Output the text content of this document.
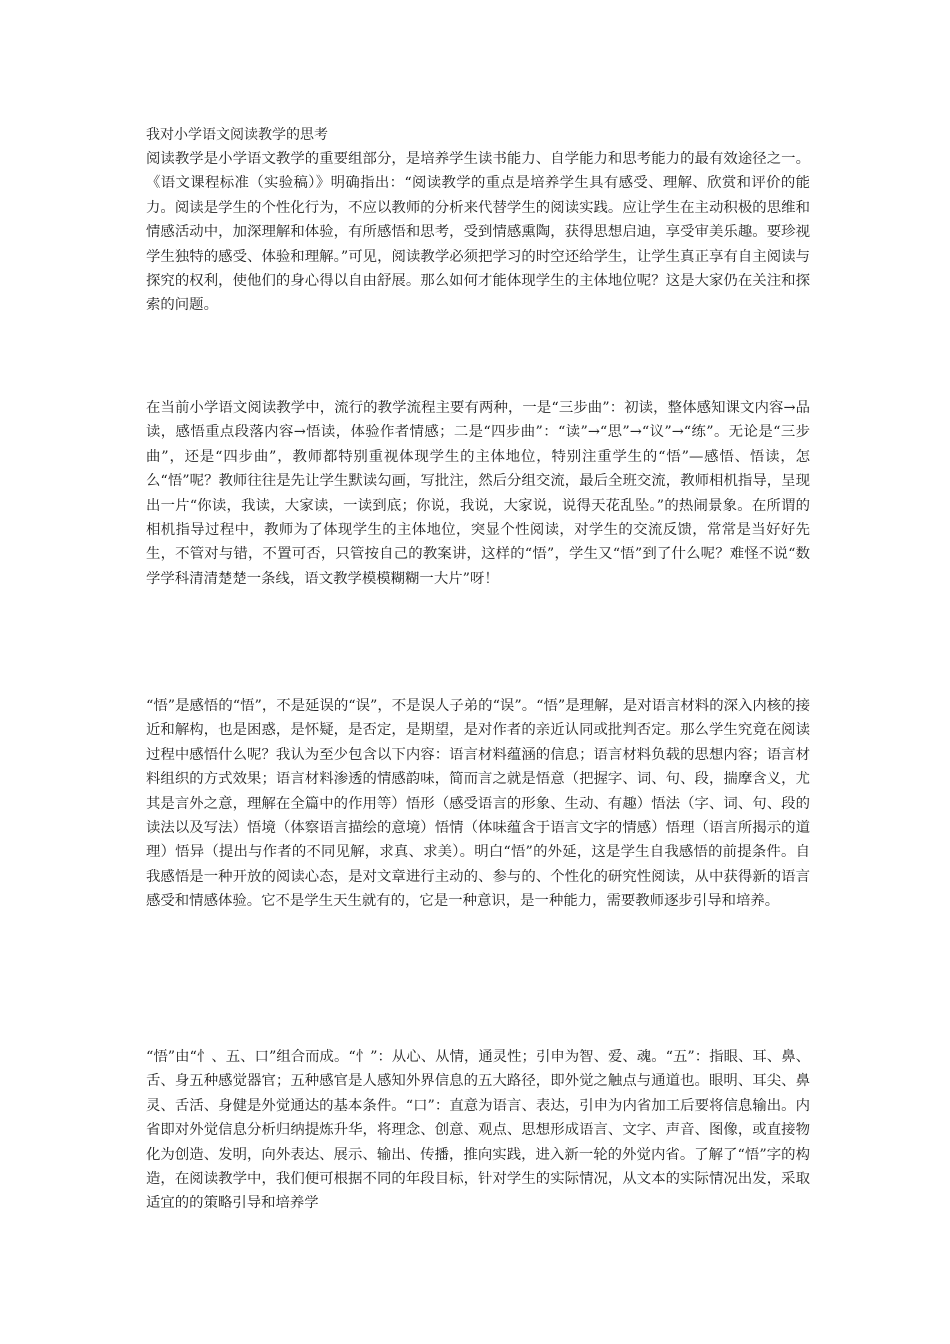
我对小学语文阅读教学的思考

阅读教学是小学语文教学的重要组部分，是培养学生读书能力、自学能力和思考能力的最有效途径之一。《语文课程标准（实验稿）》明确指出：“阅读教学的重点是培养学生具有感受、理解、欣赏和评价的能力。阅读是学生的个性化行为，不应以教师的分析来代替学生的阅读实践。应让学生在主动积极的思维和情感活动中，加深理解和体验，有所感悟和思考，受到情感熏陶，获得思想启迪，享受审美乐趣。要珍视学生独特的感受、体验和理解。”可见，阅读教学必须把学习的时空还给学生，让学生真正享有自主阅读与探究的权利，使他们的身心得以自由舒展。那么如何才能体现学生的主体地位呢？这是大家仍在关注和探索的问题。

在当前小学语文阅读教学中，流行的教学流程主要有两种，一是“三步曲”：初读，整体感知课文内容→品读，感悟重点段落内容→悟读，体验作者情感；二是“四步曲”：“读”→“思”→“议”→“练”。无论是“三步曲”，还是“四步曲”，教师都特别重视体现学生的主体地位，特别注重学生的“悟”—感悟、悟读，怎么“悟”呢？教师往往是先让学生默读勾画，写批注，然后分组交流，最后全班交流，教师相机指导，呈现出一片“你读，我读，大家读，一读到底；你说，我说，大家说，说得天花乱坠。”的热闹景象。在所谓的相机指导过程中，教师为了体现学生的主体地位，突显个性阅读，对学生的交流反馈，常常是当好好先生，不管对与错，不置可否，只管按自己的教案讲，这样的“悟”，学生又“悟”到了什么呢？难怪不说“数学学科清清楚楚一条线，语文教学模模糊糊一大片”呀！

“悟”是感悟的“悟”，不是延误的“误”，不是误人子弟的“误”。“悟”是理解，是对语言材料的深入内核的接近和解构，也是困惑，是怀疑，是否定，是期望，是对作者的亲近认同或批判否定。那么学生究竟在阅读过程中感悟什么呢？我认为至少包含以下内容：语言材料蕴涵的信息；语言材料负载的思想内容；语言材料组织的方式效果；语言材料渗透的情感韵味，简而言之就是悟意（把握字、词、句、段，揣摩含义，尤其是言外之意，理解在全篇中的作用等）悟形（感受语言的形象、生动、有趣）悟法（字、词、句、段的读法以及写法）悟境（体察语言描绘的意境）悟情（体味蕴含于语言文字的情感）悟理（语言所揭示的道理）悟异（提出与作者的不同见解，求真、求美）。明白“悟”的外延，这是学生自我感悟的前提条件。自我感悟是一种开放的阅读心态，是对文章进行主动的、参与的、个性化的研究性阅读，从中获得新的语言感受和情感体验。它不是学生天生就有的，它是一种意识，是一种能力，需要教师逐步引导和培养。

“悟”由“忄、五、口”组合而成。“忄”：从心、从情，通灵性；引申为智、爱、魂。“五”：指眼、耳、鼻、舌、身五种感觉器官；五种感官是人感知外界信息的五大路径，即外觉之触点与通道也。眼明、耳尖、鼻灵、舌活、身健是外觉通达的基本条件。“口”：直意为语言、表达，引申为内省加工后要将信息输出。内省即对外觉信息分析归纳提炼升华，将理念、创意、观点、思想形成语言、文字、声音、图像，或直接物化为创造、发明，向外表达、展示、输出、传播，推向实践，进入新一轮的外觉内省。了解了“悟”字的构造，在阅读教学中，我们便可根据不同的年段目标，针对学生的实际情况，从文本的实际情况出发，采取适宜的的策略引导和培养学
